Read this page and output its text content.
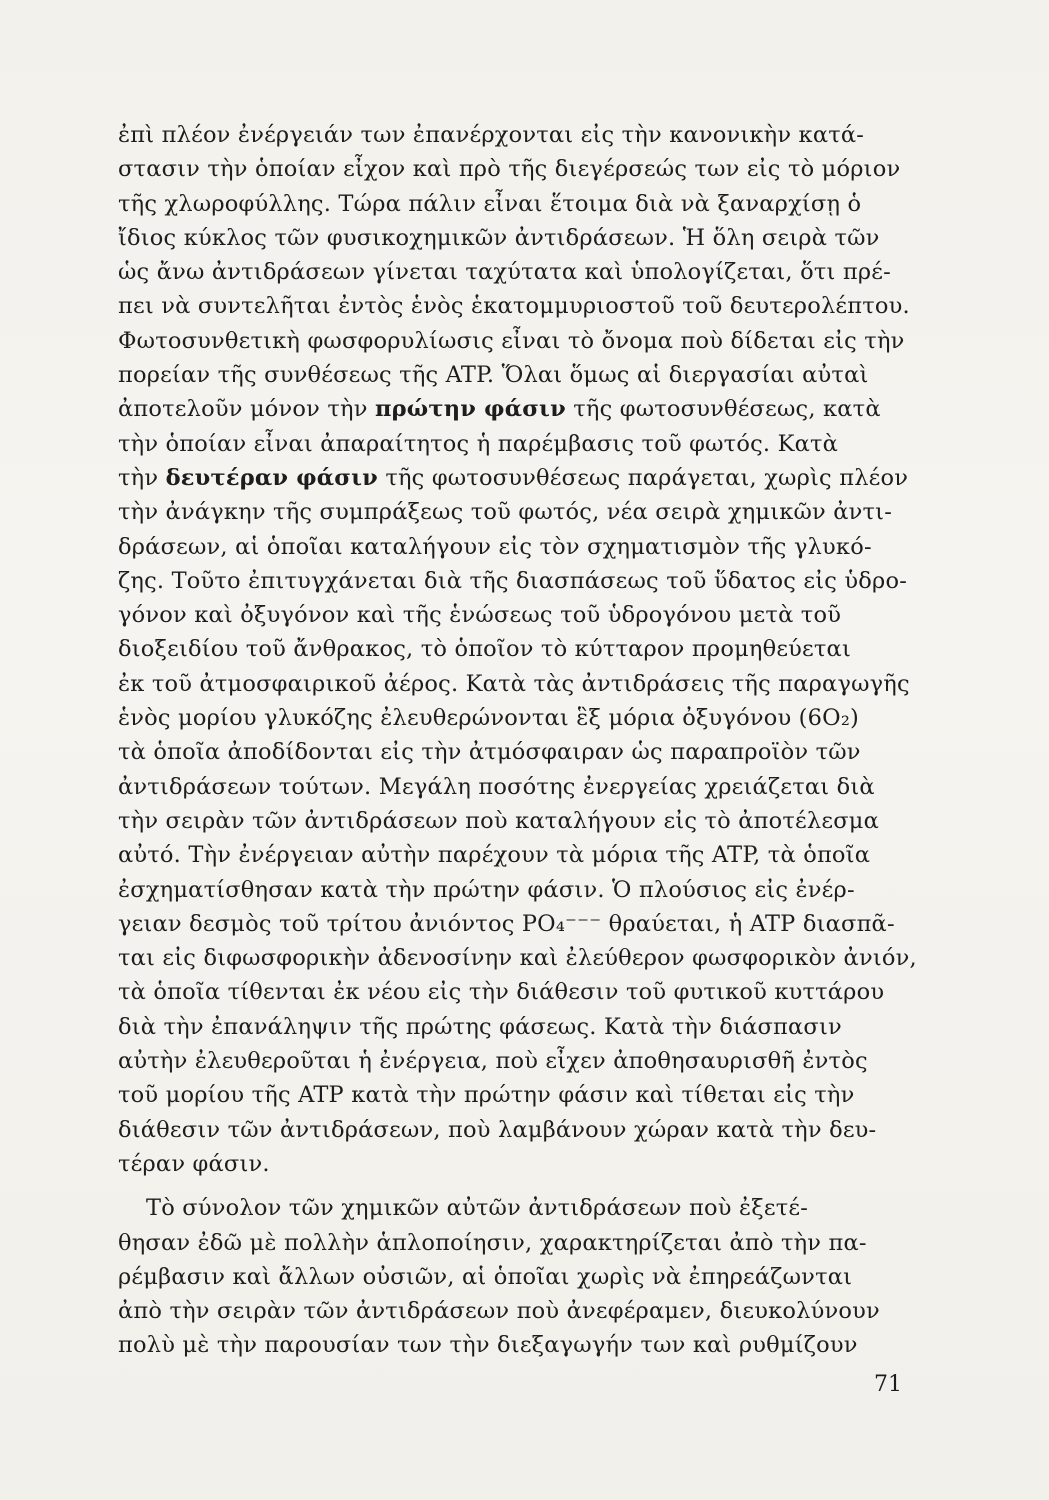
ἐπὶ πλέον ἐνέργειάν των ἐπανέρχονται εἰς τὴν κανονικὴν κατά-
στασιν τὴν ὁποίαν εἶχον καὶ πρὸ τῆς διεγέρσεώς των εἰς τὸ μόριον
τῆς χλωροφύλλης. Τώρα πάλιν εἶναι ἕτοιμα διὰ νὰ ξαναρχίσῃ ὁ
ἴδιος κύκλος τῶν φυσικοχημικῶν ἀντιδράσεων. Ἡ ὅλη σειρὰ τῶν
ὡς ἄνω ἀντιδράσεων γίνεται ταχύτατα καὶ ὑπολογίζεται, ὅτι πρέ-
πει νὰ συντελῆται ἐντὸς ἑνὸς ἑκατομμυριοστοῦ τοῦ δευτερολέπτου.
Φωτοσυνθετικὴ φωσφορυλίωσις εἶναι τὸ ὄνομα ποὺ δίδεται εἰς τὴν
πορείαν τῆς συνθέσεως τῆς ATP. Ὅλαι ὅμως αἱ διεργασίαι αὐταὶ
ἀποτελοῦν μόνον τὴν πρώτην φάσιν τῆς φωτοσυνθέσεως, κατὰ
τὴν ὁποίαν εἶναι ἀπαραίτητος ἡ παρέμβασις τοῦ φωτός. Κατὰ
τὴν δευτέραν φάσιν τῆς φωτοσυνθέσεως παράγεται, χωρὶς πλέον
τὴν ἀνάγκην τῆς συμπράξεως τοῦ φωτός, νέα σειρὰ χημικῶν ἀντι-
δράσεων, αἱ ὁποῖαι καταλήγουν εἰς τὸν σχηματισμὸν τῆς γλυκό-
ζης. Τοῦτο ἐπιτυγχάνεται διὰ τῆς διασπάσεως τοῦ ὕδατος εἰς ὑδρο-
γόνον καὶ ὀξυγόνον καὶ τῆς ἑνώσεως τοῦ ὑδρογόνου μετὰ τοῦ
διοξειδίου τοῦ ἄνθρακος, τὸ ὁποῖον τὸ κύτταρον προμηθεύεται
ἐκ τοῦ ἀτμοσφαιρικοῦ ἀέρος. Κατὰ τὰς ἀντιδράσεις τῆς παραγωγῆς
ἑνὸς μορίου γλυκόζης ἐλευθερώνονται ἓξ μόρια ὀξυγόνου (6O₂)
τὰ ὁποῖα ἀποδίδονται εἰς τὴν ἀτμόσφαιραν ὡς παραπροϊὸν τῶν
ἀντιδράσεων τούτων. Μεγάλη ποσότης ἐνεργείας χρειάζεται διὰ
τὴν σειρὰν τῶν ἀντιδράσεων ποὺ καταλήγουν εἰς τὸ ἀποτέλεσμα
αὐτό. Τὴν ἐνέργειαν αὐτὴν παρέχουν τὰ μόρια τῆς ATP, τὰ ὁποῖα
ἐσχηματίσθησαν κατὰ τὴν πρώτην φάσιν. Ὁ πλούσιος εἰς ἐνέρ-
γειαν δεσμὸς τοῦ τρίτου ἀνιόντος PO₄⁻⁻⁻ θραύεται, ἡ ATP διασπᾶ-
ται εἰς διφωσφορικὴν ἀδενοσίνην καὶ ἐλεύθερον φωσφορικὸν ἀνιόν,
τὰ ὁποῖα τίθενται ἐκ νέου εἰς τὴν διάθεσιν τοῦ φυτικοῦ κυττάρου
διὰ τὴν ἐπανάληψιν τῆς πρώτης φάσεως. Κατὰ τὴν διάσπασιν
αὐτὴν ἐλευθεροῦται ἡ ἐνέργεια, ποὺ εἶχεν ἀποθησαυρισθῆ ἐντὸς
τοῦ μορίου τῆς ATP κατὰ τὴν πρώτην φάσιν καὶ τίθεται εἰς τὴν
διάθεσιν τῶν ἀντιδράσεων, ποὺ λαμβάνουν χώραν κατὰ τὴν δευ-
τέραν φάσιν.
Τὸ σύνολον τῶν χημικῶν αὐτῶν ἀντιδράσεων ποὺ ἐξετέ-
θησαν ἐδῶ μὲ πολλὴν ἁπλοποίησιν, χαρακτηρίζεται ἀπὸ τὴν πα-
ρέμβασιν καὶ ἄλλων οὐσιῶν, αἱ ὁποῖαι χωρὶς νὰ ἐπηρεάζωνται
ἀπὸ τὴν σειρὰν τῶν ἀντιδράσεων ποὺ ἀνεφέραμεν, διευκολύνουν
πολὺ μὲ τὴν παρουσίαν των τὴν διεξαγωγήν των καὶ ρυθμίζουν
71
